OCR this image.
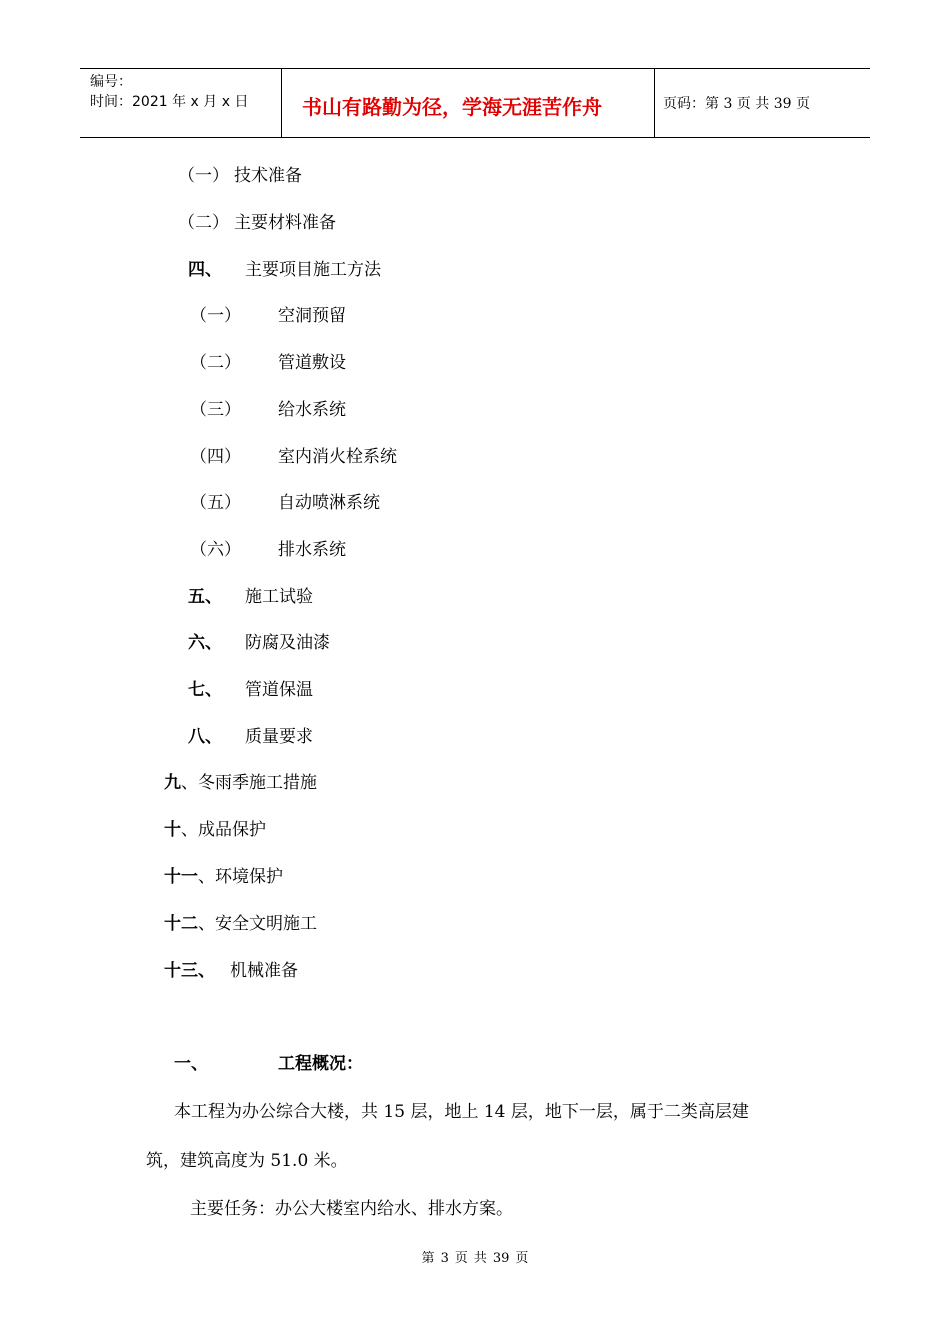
编号：
时间：2021 年 x 月 x 日	书山有路勤为径，学海无涯苦作舟	页码：第 3 页 共 39 页
（一） 技术准备
（二） 主要材料准备
四、 主要项目施工方法
（一） 空洞预留
（二） 管道敷设
（三） 给水系统
（四） 室内消火栓系统
（五） 自动喷淋系统
（六） 排水系统
五、 施工试验
六、 防腐及油漆
七、 管道保温
八、 质量要求
九、冬雨季施工措施
十、成品保护
十一、环境保护
十二、安全文明施工
十三、 机械准备
一、	工程概况：
本工程为办公综合大楼，共 15 层，地上 14 层，地下一层，属于二类高层建
筑，建筑高度为 51.0 米。
主要任务：办公大楼室内给水、排水方案。
第 3 页 共 39 页
